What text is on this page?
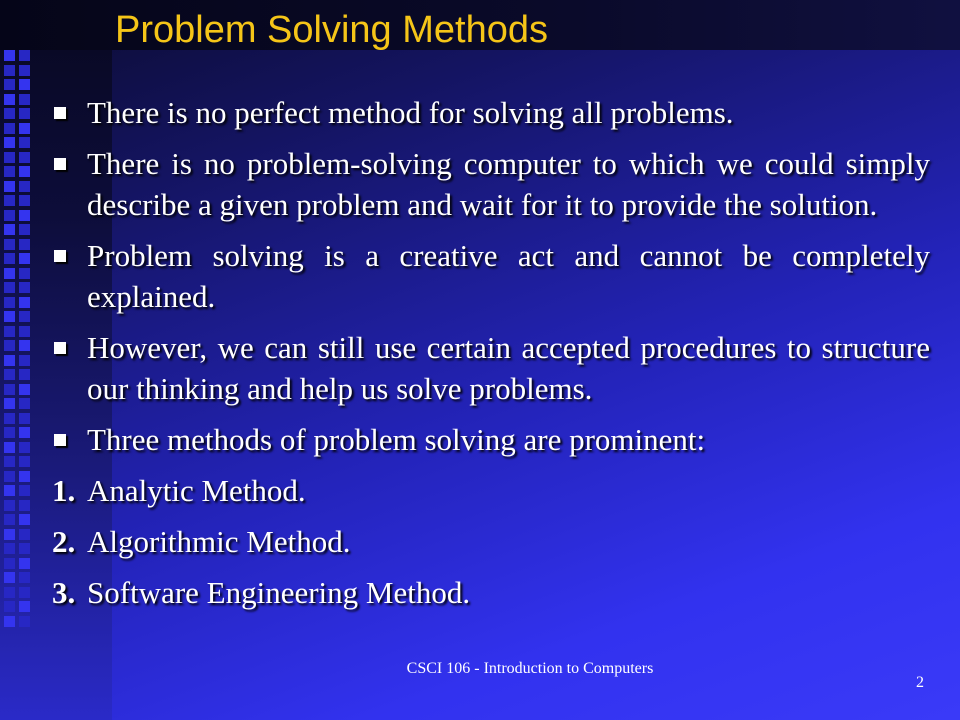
Problem Solving Methods
There is no perfect method for solving all problems.
There is no problem-solving computer to which we could simply describe a given problem and wait for it to provide the solution.
Problem solving is a creative act and cannot be completely explained.
However, we can still use certain accepted procedures to structure our thinking and help us solve problems.
Three methods of problem solving are prominent:
1. Analytic Method.
2. Algorithmic Method.
3. Software Engineering Method.
CSCI 106 - Introduction to Computers
2
